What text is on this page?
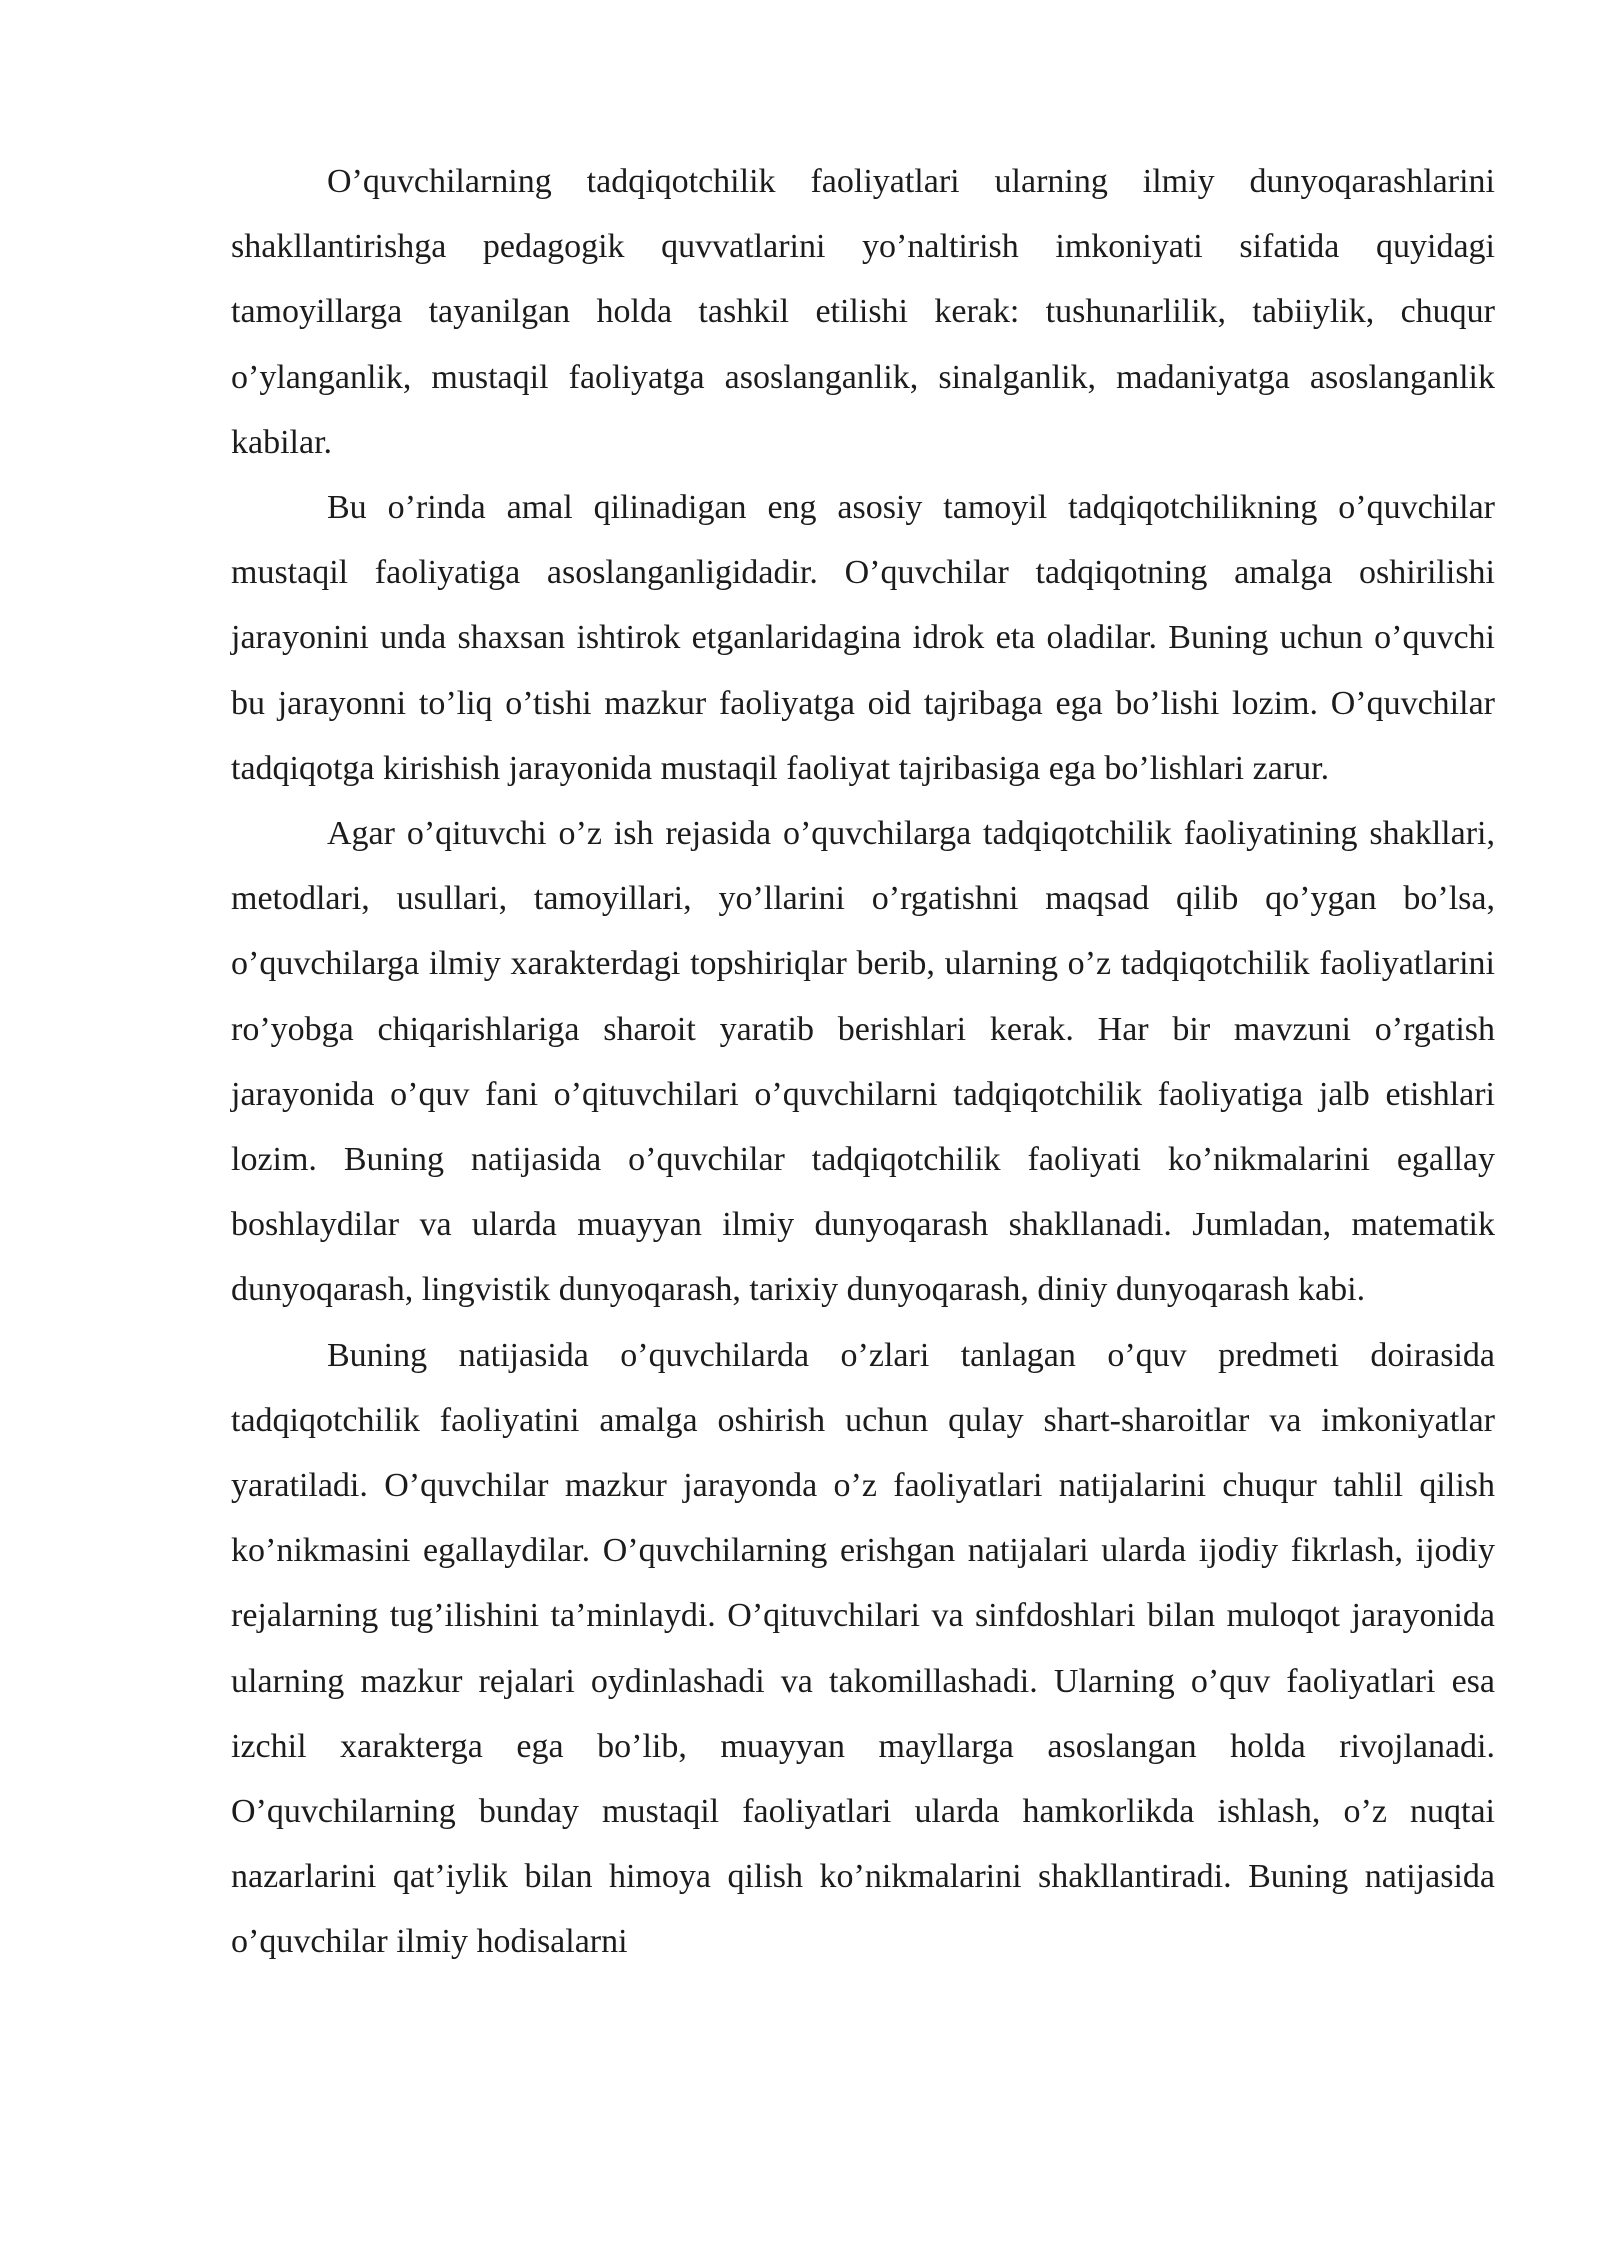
O’quvchilarning tadqiqotchilik faoliyatlari ularning ilmiy dunyoqarashlarini shakllantirishga pedagogik quvvatlarini yo’naltirish imkoniyati sifatida quyidagi tamoyillarga tayanilgan holda tashkil etilishi kerak: tushunarlilik, tabiiylik, chuqur o’ylanganlik, mustaqil faoliyatga asoslanganlik, sinalganlik, madaniyatga asoslanganlik kabilar.

Bu o’rinda amal qilinadigan eng asosiy tamoyil tadqiqotchilikning o’quvchilar mustaqil faoliyatiga asoslanganligidadir. O’quvchilar tadqiqotning amalga oshirilishi jarayonini unda shaxsan ishtirok etganlaridagina idrok eta oladilar. Buning uchun o’quvchi bu jarayonni to’liq o’tishi mazkur faoliyatga oid tajribaga ega bo’lishi lozim. O’quvchilar tadqiqotga kirishish jarayonida mustaqil faoliyat tajribasiga ega bo’lishlari zarur.

Agar o’qituvchi o’z ish rejasida o’quvchilarga tadqiqotchilik faoliyatining shakllari, metodlari, usullari, tamoyillari, yo’llarini o’rgatishni maqsad qilib qo’ygan bo’lsa, o’quvchilarga ilmiy xarakterdagi topshiriqlar berib, ularning o’z tadqiqotchilik faoliyatlarini ro’yobga chiqarishlariga sharoit yaratib berishlari kerak. Har bir mavzuni o’rgatish jarayonida o’quv fani o’qituvchilari o’quvchilarni tadqiqotchilik faoliyatiga jalb etishlari lozim. Buning natijasida o’quvchilar tadqiqotchilik faoliyati ko’nikmalarini egallay boshlaydilar va ularda muayyan ilmiy dunyoqarash shakllanadi. Jumladan, matematik dunyoqarash, lingvistik dunyoqarash, tarixiy dunyoqarash, diniy dunyoqarash kabi.

Buning natijasida o’quvchilarda o’zlari tanlagan o’quv predmeti doirasida tadqiqotchilik faoliyatini amalga oshirish uchun qulay shart-sharoitlar va imkoniyatlar yaratiladi. O’quvchilar mazkur jarayonda o’z faoliyatlari natijalarini chuqur tahlil qilish ko’nikmasini egallaydilar. O’quvchilarning erishgan natijalari ularda ijodiy fikrlash, ijodiy rejalarning tug’ilishini ta’minlaydi. O’qituvchilari va sinfdoshlari bilan muloqot jarayonida ularning mazkur rejalari oydinlashadi va takomillashadi. Ularning o’quv faoliyatlari esa izchil xarakterga ega bo’lib, muayyan mayllarga asoslangan holda rivojlanadi. O’quvchilarning bunday mustaqil faoliyatlari ularda hamkorlikda ishlash, o’z nuqtai nazarlarini qat’iylik bilan himoya qilish ko’nikmalarini shakllantiradi. Buning natijasida o’quvchilar ilmiy hodisalarni
